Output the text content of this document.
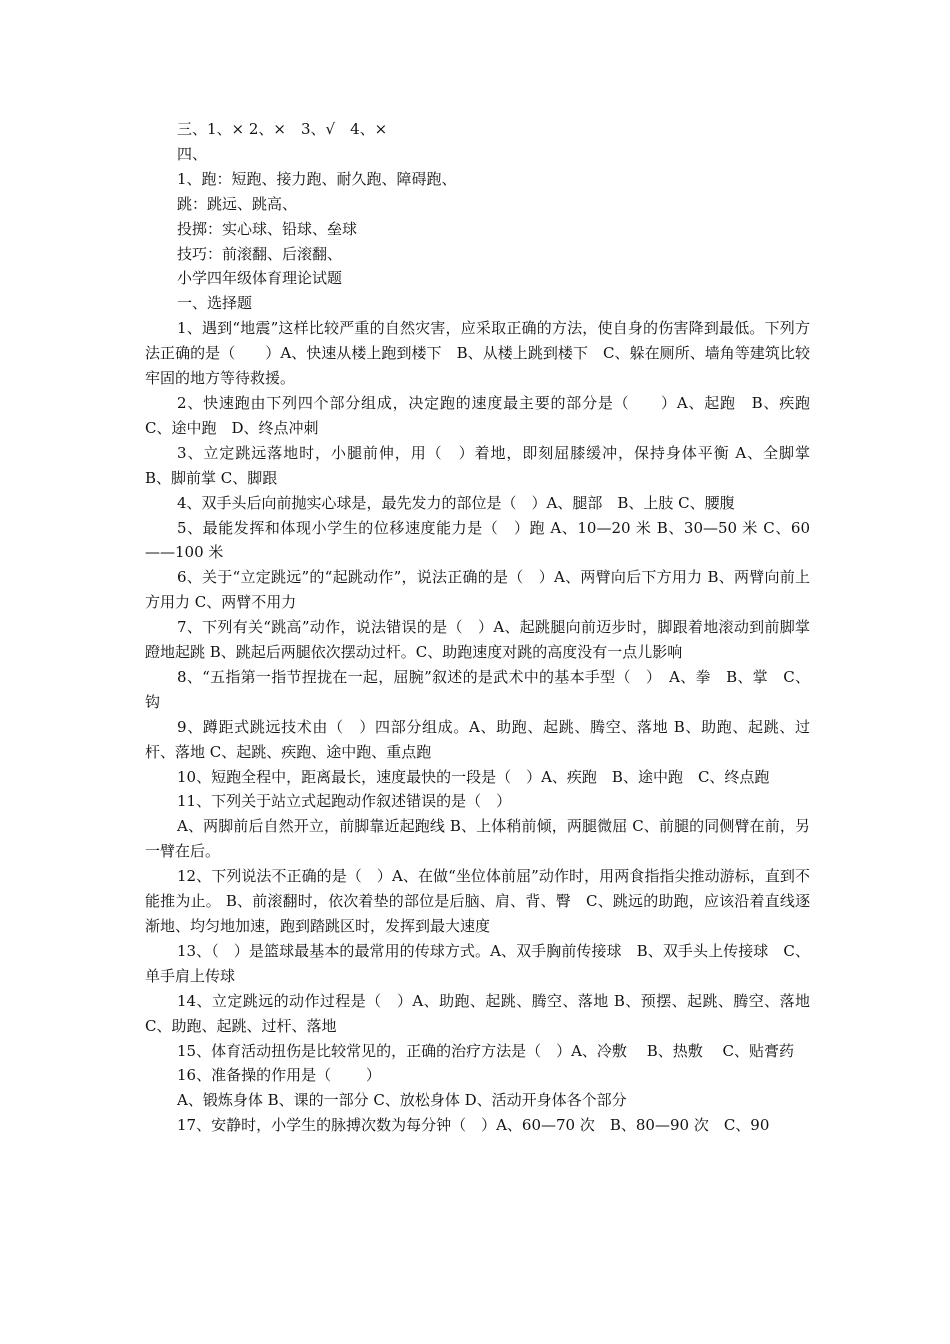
三、1、× 2、×　3、√　4、×

四、

1、跑：短跑、接力跑、耐久跑、障碍跑、

跳：跳远、跳高、

投掷：实心球、铅球、垒球

技巧：前滚翻、后滚翻、

小学四年级体育理论试题

一、选择题

1、遇到“地震”这样比较严重的自然灾害，应采取正确的方法，使自身的伤害降到最低。下列方法正确的是（　　）A、快速从楼上跑到楼下　B、从楼上跳到楼下　C、躲在厕所、墙角等建筑比较牢固的地方等待救援。

2、快速跑由下列四个部分组成，决定跑的速度最主要的部分是（　　）A、起跑　B、疾跑　C、途中跑　D、终点冲刺

3、立定跳远落地时，小腿前伸，用（　）着地，即刻屈膝缓冲，保持身体平衡 A、全脚掌　B、脚前掌 C、脚跟

4、双手头后向前抛实心球是，最先发力的部位是（　）A、腿部　B、上肢 C、腰腹

5、最能发挥和体现小学生的位移速度能力是（　）跑 A、10—20 米 B、30—50 米 C、60——100 米

6、关于“立定跳远”的“起跳动作”，说法正确的是（　）A、两臂向后下方用力 B、两臂向前上方用力 C、两臂不用力

7、下列有关“跳高”动作，说法错误的是（　）A、起跳腿向前迈步时，脚跟着地滚动到前脚掌蹬地起跳 B、跳起后两腿依次摆动过杆。C、助跑速度对跳的高度没有一点儿影响

8、“五指第一指节捏拢在一起，屈腕”叙述的是武术中的基本手型（　）　A、拳　B、掌　C、钩

9、蹲距式跳远技术由（　）四部分组成。A、助跑、起跳、腾空、落地 B、助跑、起跳、过杆、落地 C、起跳、疾跑、途中跑、重点跑

10、短跑全程中，距离最长，速度最快的一段是（　）A、疾跑　B、途中跑　C、终点跑

11、下列关于站立式起跑动作叙述错误的是（　）

A、两脚前后自然开立，前脚靠近起跑线 B、上体稍前倾，两腿微屈 C、前腿的同侧臂在前，另一臂在后。

12、下列说法不正确的是（　）A、在做“坐位体前屈”动作时，用两食指指尖推动游标，直到不能推为止。 B、前滚翻时，依次着垫的部位是后脑、肩、背、臀　C、跳远的助跑，应该沿着直线逐渐地、均匀地加速，跑到踏跳区时，发挥到最大速度

13、（　）是篮球最基本的最常用的传球方式。A、双手胸前传接球　B、双手头上传接球　C、单手肩上传球

14、立定跳远的动作过程是（　）A、助跑、起跳、腾空、落地 B、预摆、起跳、腾空、落地　C、助跑、起跳、过杆、落地

15、体育活动扭伤是比较常见的，正确的治疗方法是（　）A、冷敷　 B、热敷　 C、贴膏药

16、准备操的作用是（　　 ）

A、锻炼身体 B、课的一部分 C、放松身体 D、活动开身体各个部分

17、安静时，小学生的脉搏次数为每分钟（　）A、60—70 次　B、80—90 次　C、90
